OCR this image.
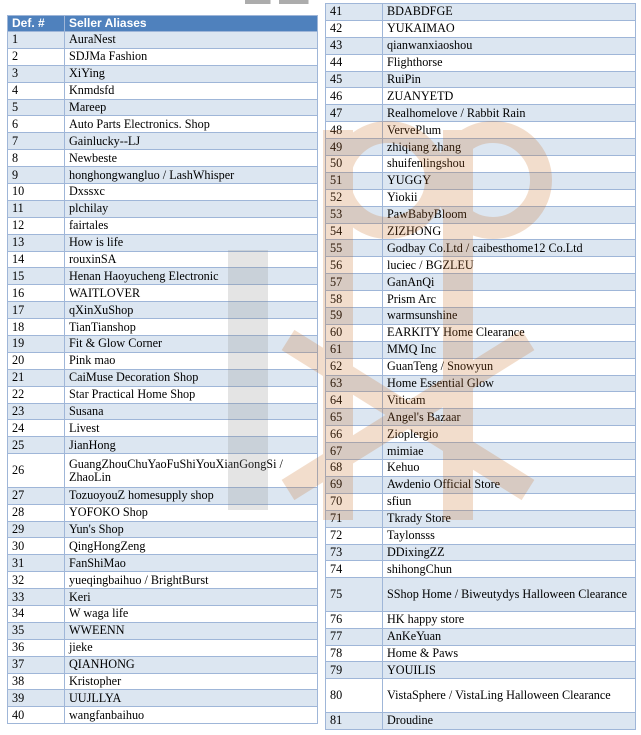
Def. #	Seller Aliases
1	AuraNest
2	SDJMa Fashion
3	XiYing
4	Knmdsfd
5	Mareep
6	Auto Parts Electronics. Shop
7	Gainlucky--LJ
8	Newbeste
9	honghongwangluo / LashWhisper
10	Dxssxc
11	plchilay
12	fairtales
13	How is life
14	rouxinSA
15	Henan Haoyucheng Electronic
16	WAITLOVER
17	qXinXuShop
18	TianTianshop
19	Fit & Glow Corner
20	Pink mao
21	CaiMuse Decoration Shop
22	Star Practical Home Shop
23	Susana
24	Livest
25	JianHong
26	GuangZhouChuYaoFuShiYouXianGongSi / ZhaoLin
27	TozuoyouZ homesupply shop
28	YOFOKO Shop
29	Yun's Shop
30	QingHongZeng
31	FanShiMao
32	yueqingbaihuo / BrightBurst
33	Keri
34	W waga life
35	WWEENN
36	jieke
37	QIANHONG
38	Kristopher
39	UUJLLYA
40	wangfanbaihuo
41	BDABDFGE
42	YUKAIMAO
43	qianwanxiaoshou
44	Flighthorse
45	RuiPin
46	ZUANYETD
47	Realhomelove / Rabbit Rain
48	VervePlum
49	zhiqiang zhang
50	shuifenlingshou
51	YUGGY
52	Yiokii
53	PawBabyBloom
54	ZIZHONG
55	Godbay Co.Ltd / caibesthome12 Co.Ltd
56	luciec / BGZLEU
57	GanAnQi
58	Prism Arc
59	warmsunshine
60	EARKITY Home Clearance
61	MMQ Inc
62	GuanTeng / Snowyun
63	Home Essential Glow
64	Viticam
65	Angel's Bazaar
66	Zioplergio
67	mimiae
68	Kehuo
69	Awdenio Official Store
70	sfiun
71	Tkrady Store
72	Taylonsss
73	DDixingZZ
74	shihongChun
75	SShop Home / Biweutydys Halloween Clearance
76	HK happy store
77	AnKeYuan
78	Home & Paws
79	YOUILIS
80	VistaSphere / VistaLing Halloween Clearance
81	Droudine
